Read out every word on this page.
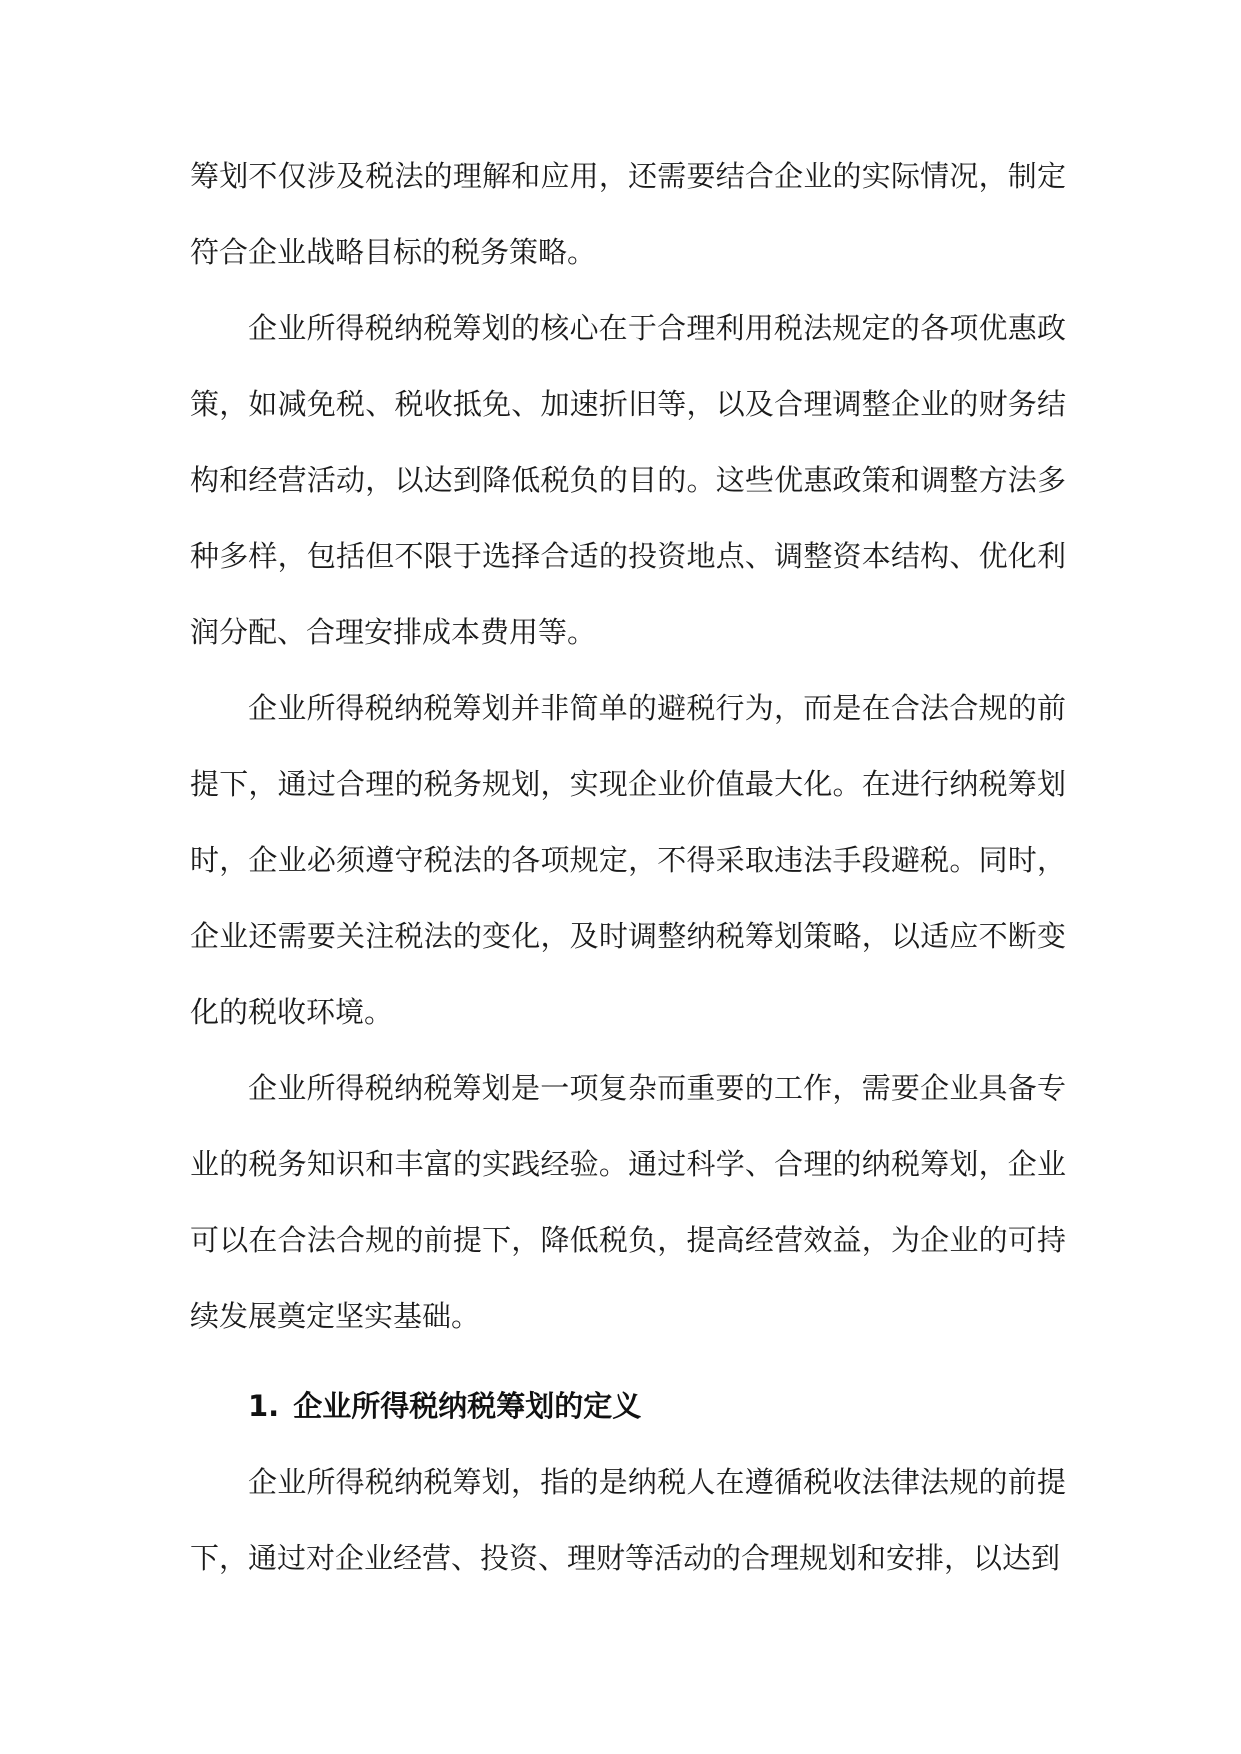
筹划不仅涉及税法的理解和应用，还需要结合企业的实际情况，制定符合企业战略目标的税务策略。

企业所得税纳税筹划的核心在于合理利用税法规定的各项优惠政策，如减免税、税收抵免、加速折旧等，以及合理调整企业的财务结构和经营活动，以达到降低税负的目的。这些优惠政策和调整方法多种多样，包括但不限于选择合适的投资地点、调整资本结构、优化利润分配、合理安排成本费用等。

企业所得税纳税筹划并非简单的避税行为，而是在合法合规的前提下，通过合理的税务规划，实现企业价值最大化。在进行纳税筹划时，企业必须遵守税法的各项规定，不得采取违法手段避税。同时，企业还需要关注税法的变化，及时调整纳税筹划策略，以适应不断变化的税收环境。

企业所得税纳税筹划是一项复杂而重要的工作，需要企业具备专业的税务知识和丰富的实践经验。通过科学、合理的纳税筹划，企业可以在合法合规的前提下，降低税负，提高经营效益，为企业的可持续发展奠定坚实基础。

1. 企业所得税纳税筹划的定义

企业所得税纳税筹划，指的是纳税人在遵循税收法律法规的前提下，通过对企业经营、投资、理财等活动的合理规划和安排，以达到
